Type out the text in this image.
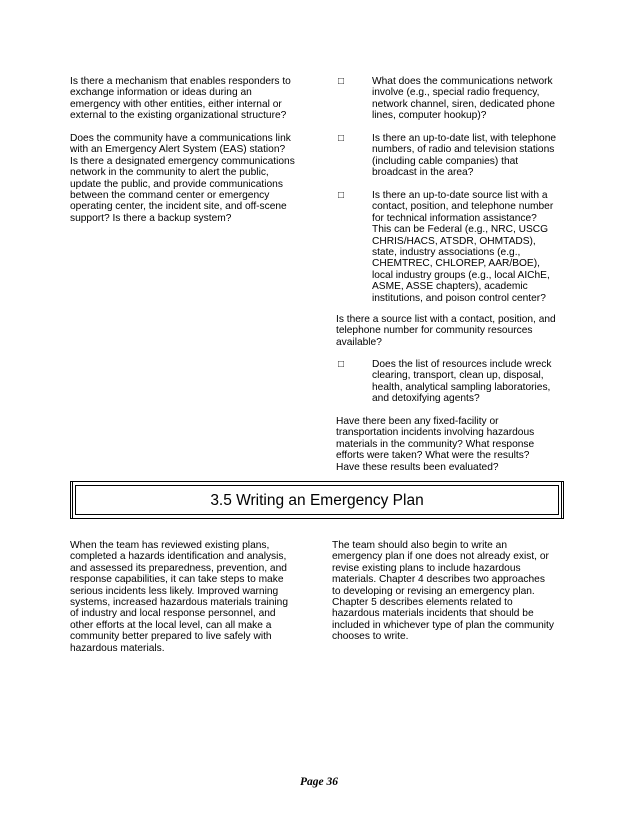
Is there a mechanism that enables responders to
exchange information or ideas during an
emergency with other entities, either internal or
external to the existing organizational structure?

Does the community have a communications link
with an Emergency Alert System (EAS) station?
Is there a designated emergency communications
network in the community to alert the public,
update the public, and provide communications
between the command center or emergency
operating center, the incident site, and off-scene
support? Is there a backup system?

□	What does the communications network
involve (e.g., special radio frequency,
network channel, siren, dedicated phone
lines, computer hookup)?

□	Is there an up-to-date list, with telephone
numbers, of radio and television stations
(including cable companies) that
broadcast in the area?

□	Is there an up-to-date source list with a
contact, position, and telephone number
for technical information assistance?
This can be Federal (e.g., NRC, USCG
CHRIS/HACS, ATSDR, OHMTADS),
state, industry associations (e.g.,
CHEMTREC, CHLOREP, AAR/BOE),
local industry groups (e.g., local AIChE,
ASME, ASSE chapters), academic
institutions, and poison control center?

Is there a source list with a contact, position, and
telephone number for community resources
available?

□	Does the list of resources include wreck
clearing, transport, clean up, disposal,
health, analytical sampling laboratories,
and detoxifying agents?

Have there been any fixed-facility or
transportation incidents involving hazardous
materials in the community? What response
efforts were taken? What were the results?
Have these results been evaluated?

3.5 Writing an Emergency Plan

When the team has reviewed existing plans,
completed a hazards identification and analysis,
and assessed its preparedness, prevention, and
response capabilities, it can take steps to make
serious incidents less likely. Improved warning
systems, increased hazardous materials training
of industry and local response personnel, and
other efforts at the local level, can all make a
community better prepared to live safely with
hazardous materials.

The team should also begin to write an
emergency plan if one does not already exist, or
revise existing plans to include hazardous
materials. Chapter 4 describes two approaches
to developing or revising an emergency plan.
Chapter 5 describes elements related to
hazardous materials incidents that should be
included in whichever type of plan the community
chooses to write.

Page 36
